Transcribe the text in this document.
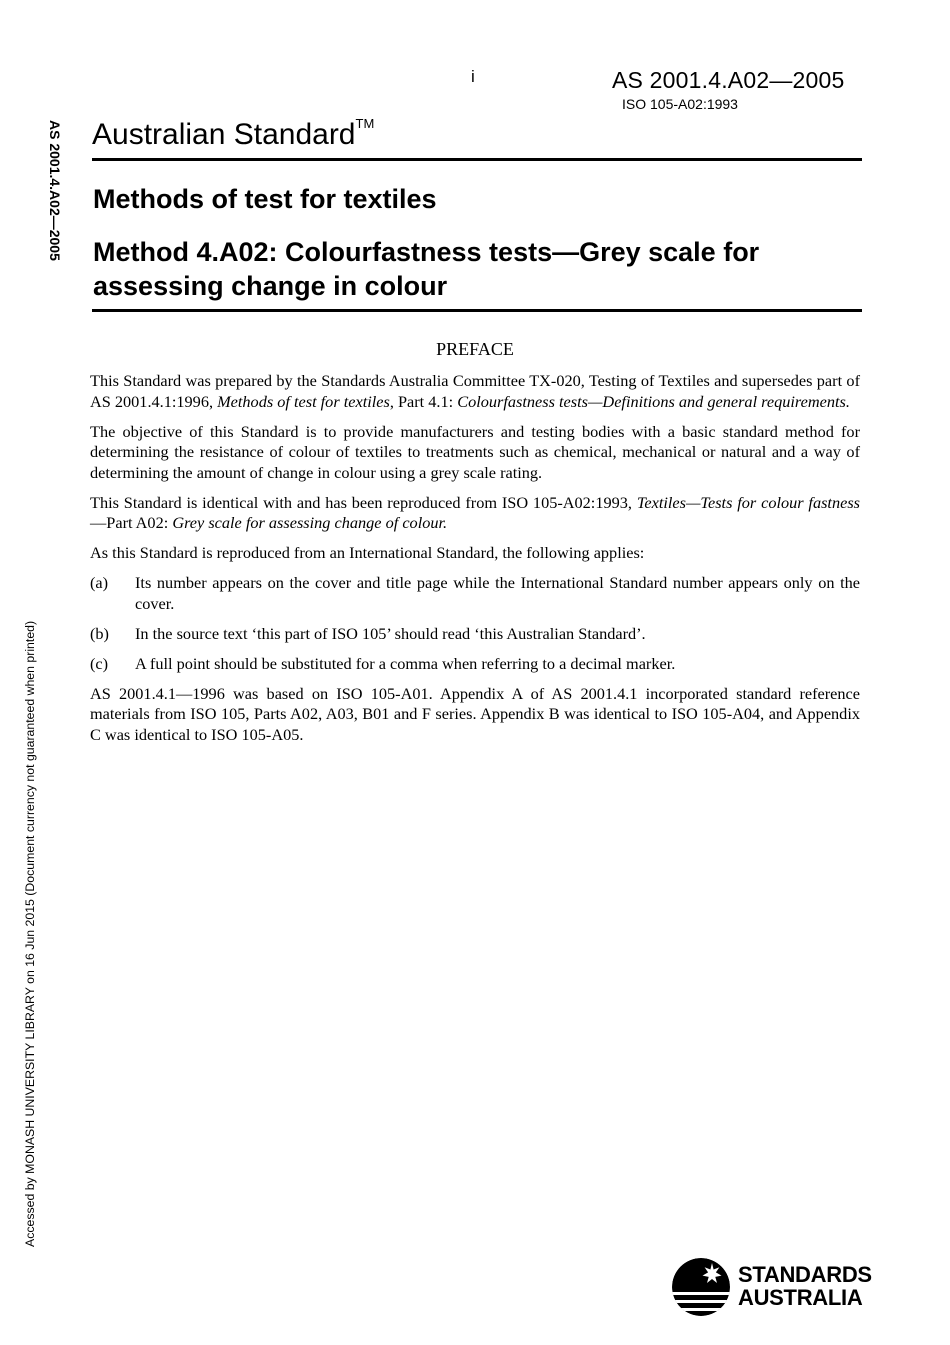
i	AS 2001.4.A02—2005
ISO 105-A02:1993
AS 2001.4.A02—2005
Accessed by MONASH UNIVERSITY LIBRARY on 16 Jun 2015 (Document currency not guaranteed when printed)
Australian Standard™
Methods of test for textiles
Method 4.A02: Colourfastness tests—Grey scale for assessing change in colour
PREFACE

This Standard was prepared by the Standards Australia Committee TX-020, Testing of Textiles and supersedes part of AS 2001.4.1:1996, Methods of test for textiles, Part 4.1: Colourfastness tests—Definitions and general requirements.

The objective of this Standard is to provide manufacturers and testing bodies with a basic standard method for determining the resistance of colour of textiles to treatments such as chemical, mechanical or natural and a way of determining the amount of change in colour using a grey scale rating.

This Standard is identical with and has been reproduced from ISO 105-A02:1993, Textiles—Tests for colour fastness—Part A02: Grey scale for assessing change of colour.

As this Standard is reproduced from an International Standard, the following applies:

(a)	Its number appears on the cover and title page while the International Standard number appears only on the cover.
(b)	In the source text ‘this part of ISO 105’ should read ‘this Australian Standard’.
(c)	A full point should be substituted for a comma when referring to a decimal marker.

AS 2001.4.1—1996 was based on ISO 105-A01. Appendix A of AS 2001.4.1 incorporated standard reference materials from ISO 105, Parts A02, A03, B01 and F series. Appendix B was identical to ISO 105-A04, and Appendix C was identical to ISO 105-A05.

STANDARDS
AUSTRALIA
